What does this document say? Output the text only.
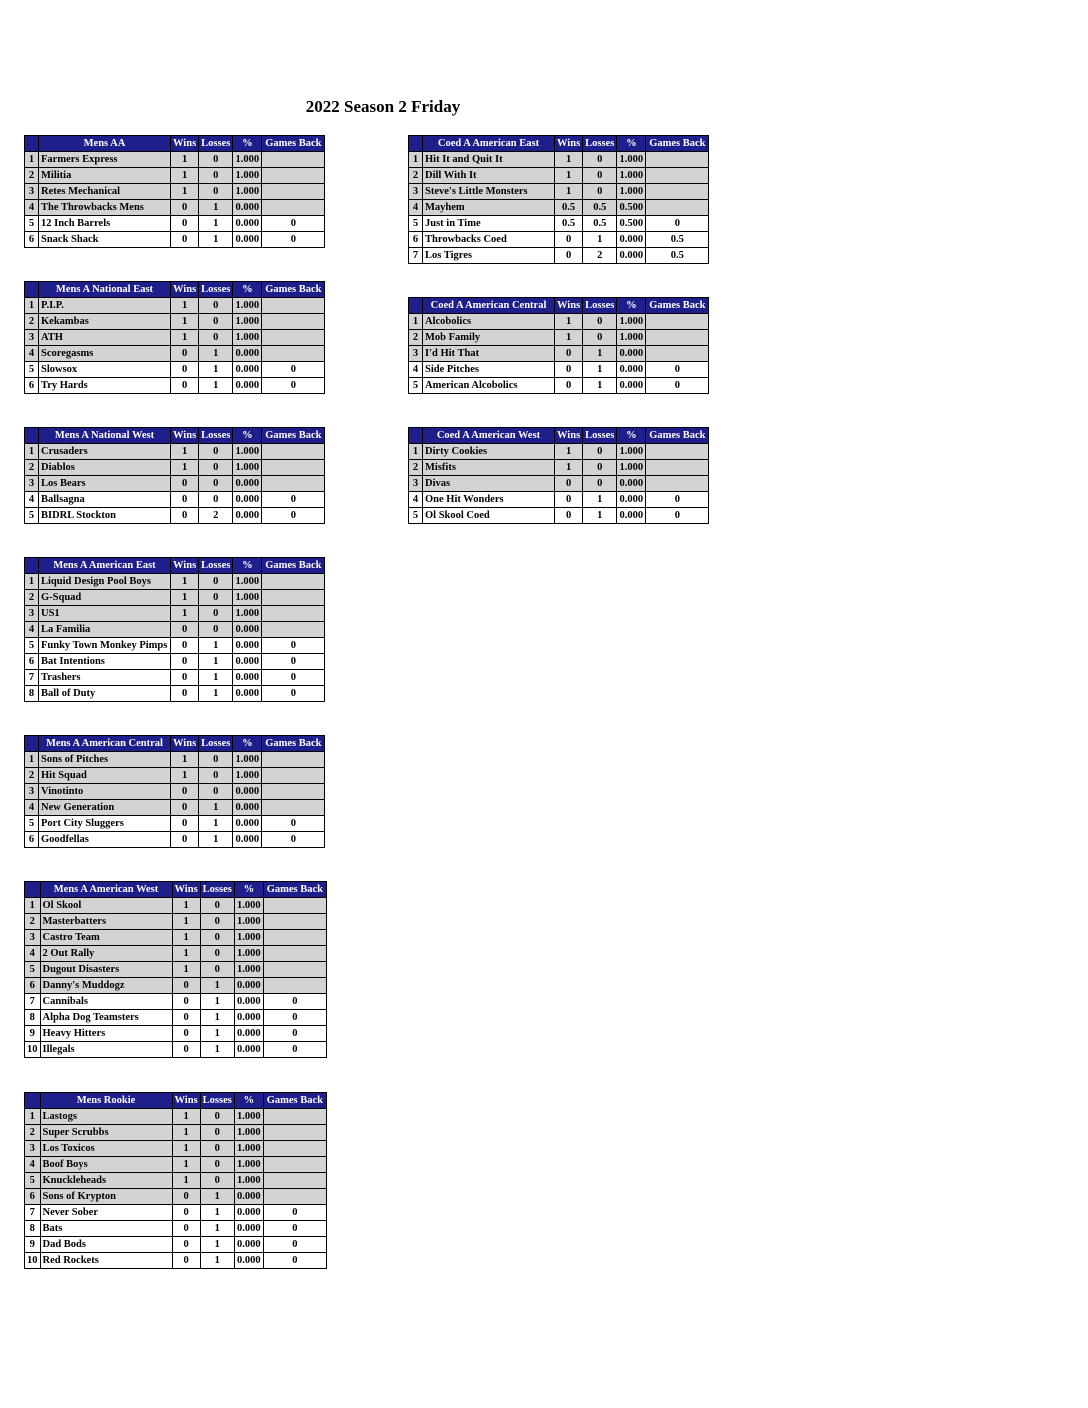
2022 Season 2 Friday
	Mens AA	Wins	Losses	%	Games Back
1	Farmers Express	1	0	1.000	
2	Militia	1	0	1.000	
3	Retes Mechanical	1	0	1.000	
4	The Throwbacks Mens	0	1	0.000	
5	12 Inch Barrels	0	1	0.000	0
6	Snack Shack	0	1	0.000	0
	Mens A National East	Wins	Losses	%	Games Back
1	P.I.P.	1	0	1.000	
2	Kekambas	1	0	1.000	
3	ATH	1	0	1.000	
4	Scoregasms	0	1	0.000	
5	Slowsox	0	1	0.000	0
6	Try Hards	0	1	0.000	0
	Mens A National West	Wins	Losses	%	Games Back
1	Crusaders	1	0	1.000	
2	Diablos	1	0	1.000	
3	Los Bears	0	0	0.000	
4	Ballsagna	0	0	0.000	0
5	BIDRL Stockton	0	2	0.000	0
	Mens A American East	Wins	Losses	%	Games Back
1	Liquid Design Pool Boys	1	0	1.000	
2	G-Squad	1	0	1.000	
3	US1	1	0	1.000	
4	La Familia	0	0	0.000	
5	Funky Town Monkey Pimps	0	1	0.000	0
6	Bat Intentions	0	1	0.000	0
7	Trashers	0	1	0.000	0
8	Ball of Duty	0	1	0.000	0
	Mens A American Central	Wins	Losses	%	Games Back
1	Sons of Pitches	1	0	1.000	
2	Hit Squad	1	0	1.000	
3	Vinotinto	0	0	0.000	
4	New Generation	0	1	0.000	
5	Port City Sluggers	0	1	0.000	0
6	Goodfellas	0	1	0.000	0
	Mens A American West	Wins	Losses	%	Games Back
1	Ol Skool	1	0	1.000	
2	Masterbatters	1	0	1.000	
3	Castro Team	1	0	1.000	
4	2 Out Rally	1	0	1.000	
5	Dugout Disasters	1	0	1.000	
6	Danny's Muddogz	0	1	0.000	
7	Cannibals	0	1	0.000	0
8	Alpha Dog Teamsters	0	1	0.000	0
9	Heavy Hitters	0	1	0.000	0
10	Illegals	0	1	0.000	0
	Mens Rookie	Wins	Losses	%	Games Back
1	Lastogs	1	0	1.000	
2	Super Scrubbs	1	0	1.000	
3	Los Toxicos	1	0	1.000	
4	Boof Boys	1	0	1.000	
5	Knuckleheads	1	0	1.000	
6	Sons of Krypton	0	1	0.000	
7	Never Sober	0	1	0.000	0
8	Bats	0	1	0.000	0
9	Dad Bods	0	1	0.000	0
10	Red Rockets	0	1	0.000	0
	Coed A American East	Wins	Losses	%	Games Back
1	Hit It and Quit It	1	0	1.000	
2	Dill With It	1	0	1.000	
3	Steve's Little Monsters	1	0	1.000	
4	Mayhem	0.5	0.5	0.500	
5	Just in Time	0.5	0.5	0.500	0
6	Throwbacks Coed	0	1	0.000	0.5
7	Los Tigres	0	2	0.000	0.5
	Coed A American Central	Wins	Losses	%	Games Back
1	Alcobolics	1	0	1.000	
2	Mob Family	1	0	1.000	
3	I'd Hit That	0	1	0.000	
4	Side Pitches	0	1	0.000	0
5	American Alcobolics	0	1	0.000	0
	Coed A American West	Wins	Losses	%	Games Back
1	Dirty Cookies	1	0	1.000	
2	Misfits	1	0	1.000	
3	Divas	0	0	0.000	
4	One Hit Wonders	0	1	0.000	0
5	Ol Skool Coed	0	1	0.000	0
